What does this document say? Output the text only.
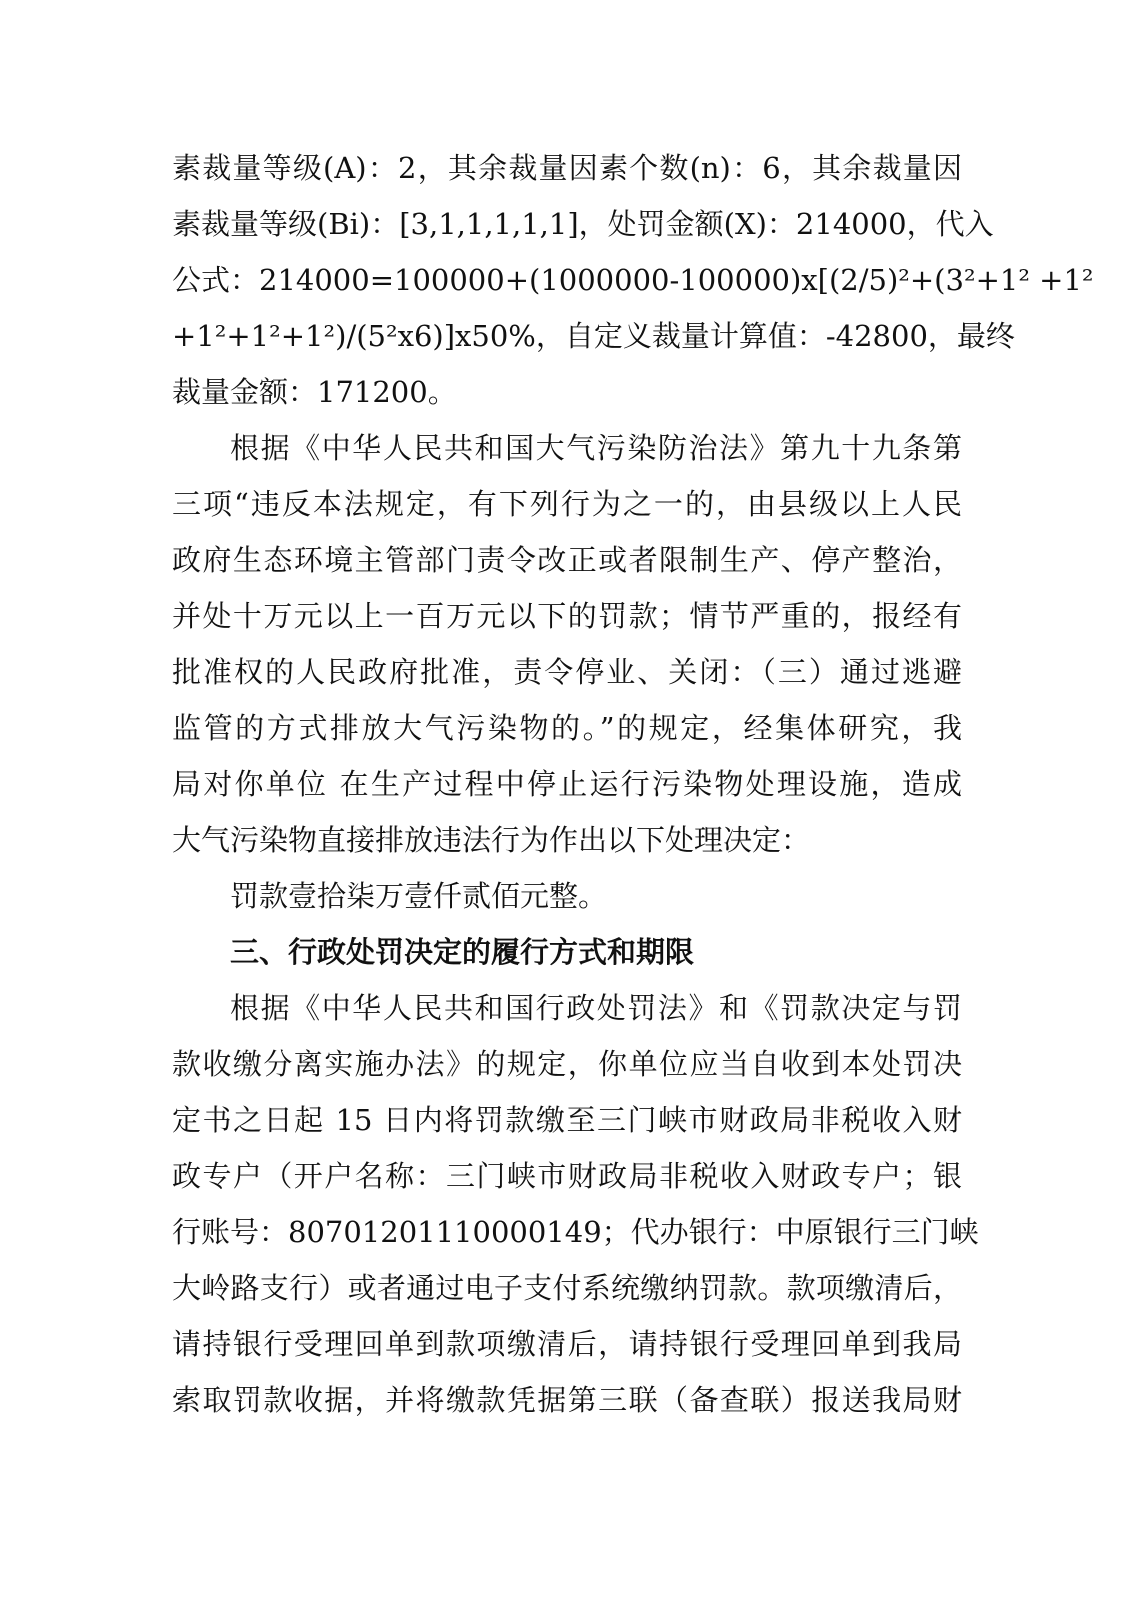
素裁量等级(A)：2，其余裁量因素个数(n)：6，其余裁量因
素裁量等级(Bi)：[3,1,1,1,1,1]，处罚金额(X)：214000，代入
公式：214000=100000+(1000000-100000)x[(2/5)²+(3²+1² +1²
+1²+1²+1²)/(5²x6)]x50%，自定义裁量计算值：-42800，最终
裁量金额：171200。
根据《中华人民共和国大气污染防治法》第九十九条第
三项“违反本法规定，有下列行为之一的，由县级以上人民
政府生态环境主管部门责令改正或者限制生产、停产整治，
并处十万元以上一百万元以下的罚款；情节严重的，报经有
批准权的人民政府批准，责令停业、关闭：（三）通过逃避
监管的方式排放大气污染物的。”的规定，经集体研究，我
局对你单位 在生产过程中停止运行污染物处理设施，造成
大气污染物直接排放违法行为作出以下处理决定：
罚款壹拾柒万壹仟贰佰元整。
三、行政处罚决定的履行方式和期限
根据《中华人民共和国行政处罚法》和《罚款决定与罚
款收缴分离实施办法》的规定，你单位应当自收到本处罚决
定书之日起 15 日内将罚款缴至三门峡市财政局非税收入财
政专户（开户名称：三门峡市财政局非税收入财政专户；银
行账号：80701201110000149；代办银行：中原银行三门峡
大岭路支行）或者通过电子支付系统缴纳罚款。款项缴清后，
请持银行受理回单到款项缴清后，请持银行受理回单到我局
索取罚款收据，并将缴款凭据第三联（备查联）报送我局财
